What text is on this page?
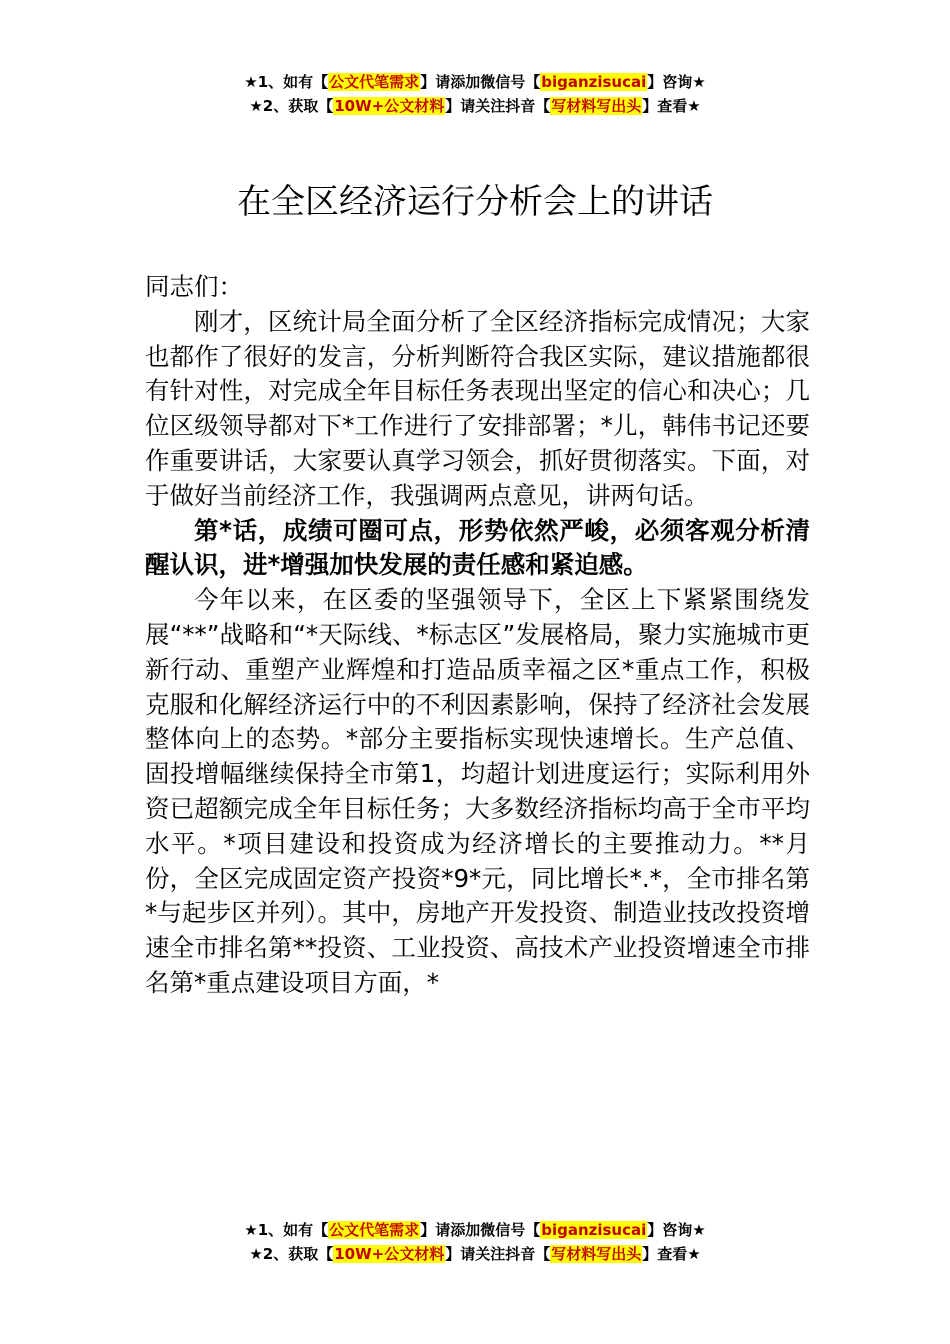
★1、如有【公文代笔需求】请添加微信号【biganzisucai】咨询★
★2、获取【10W+公文材料】请关注抖音【写材料写出头】查看★
在全区经济运行分析会上的讲话

同志们：

刚才，区统计局全面分析了全区经济指标完成情况；大家也都作了很好的发言，分析判断符合我区实际，建议措施都很有针对性，对完成全年目标任务表现出坚定的信心和决心；几位区级领导都对下*工作进行了安排部署；*儿，韩伟书记还要作重要讲话，大家要认真学习领会，抓好贯彻落实。下面，对于做好当前经济工作，我强调两点意见，讲两句话。

第*话，成绩可圈可点，形势依然严峻，必须客观分析清醒认识，进*增强加快发展的责任感和紧迫感。

今年以来，在区委的坚强领导下，全区上下紧紧围绕发展“**”战略和“*天际线、*标志区”发展格局，聚力实施城市更新行动、重塑产业辉煌和打造品质幸福之区*重点工作，积极克服和化解经济运行中的不利因素影响，保持了经济社会发展整体向上的态势。*部分主要指标实现快速增长。生产总值、固投增幅继续保持全市第1，均超计划进度运行；实际利用外资已超额完成全年目标任务；大多数经济指标均高于全市平均水平。*项目建设和投资成为经济增长的主要推动力。**月份，全区完成固定资产投资*9*元，同比增长*.*，全市排名第*与起步区并列）。其中，房地产开发投资、制造业技改投资增速全市排名第**投资、工业投资、高技术产业投资增速全市排名第*重点建设项目方面，*

★1、如有【公文代笔需求】请添加微信号【biganzisucai】咨询★
★2、获取【10W+公文材料】请关注抖音【写材料写出头】查看★
